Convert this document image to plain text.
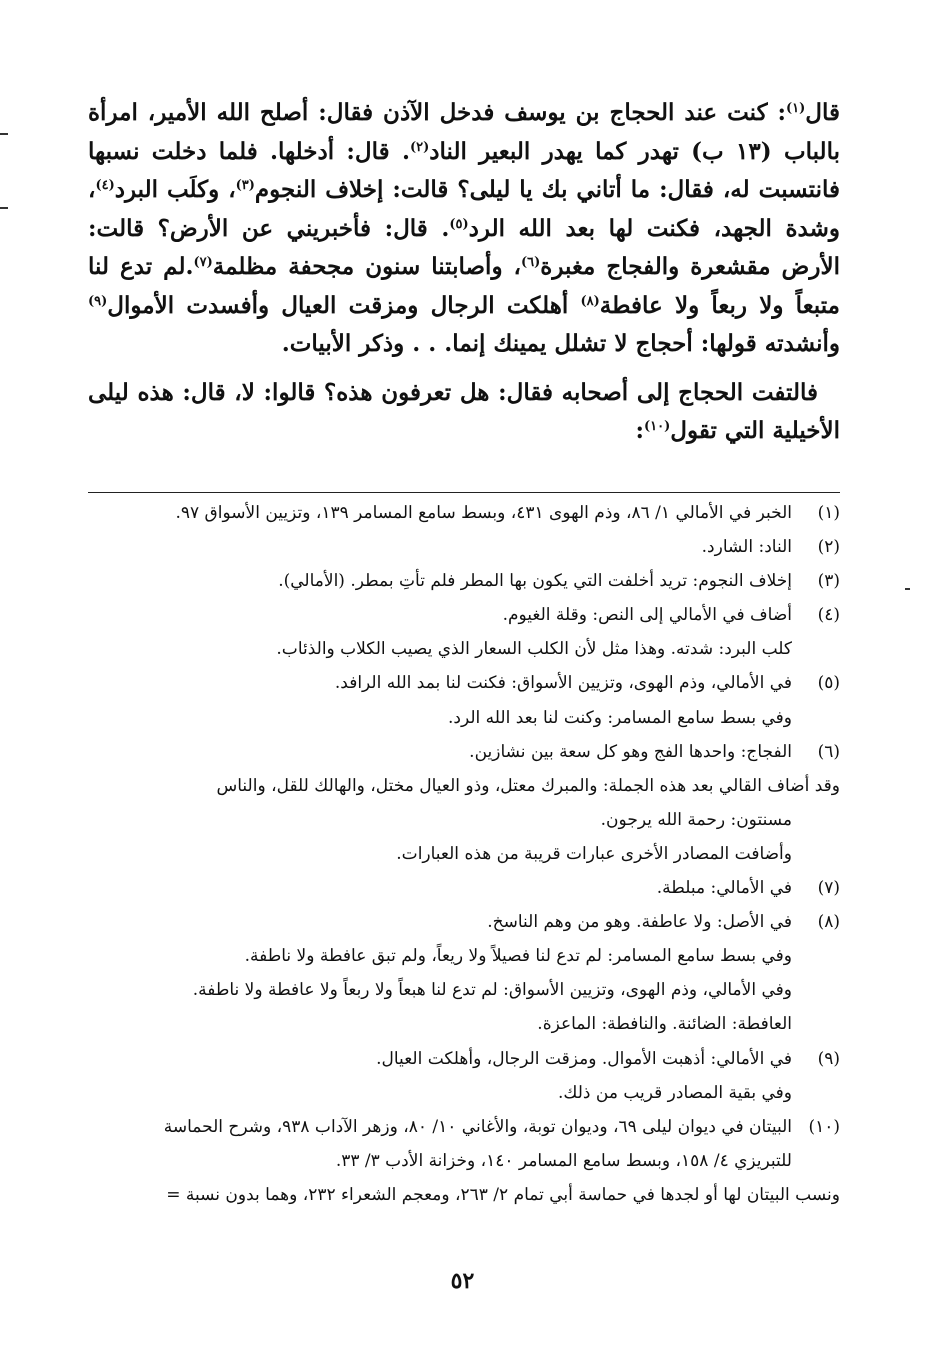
قال$^{(١)}$: كنت عند الحجاج بن يوسف فدخل الآذن فقال: أصلح الله الأمير، امرأة بالباب (١٣ ب) تهدر كما يهدر البعير الناد$^{(٢)}$. قال: أدخلها. فلما دخلت نسبها فانتسبت له، فقال: ما أتاني بك يا ليلى؟ قالت: إخلاف النجوم$^{(٣)}$، وكلَب البرد$^{(٤)}$، وشدة الجهد، فكنت لها بعد الله الرد$^{(٥)}$. قال: فأخبريني عن الأرض؟ قالت: الأرض مقشعرة والفجاج مغبرة$^{(٦)}$، وأصابتنا سنون مجحفة مظلمة$^{(٧)}$.لم تدع لنا متبعاً ولا ربعاً ولا عافطة$^{(٨)}$ أهلكت الرجال ومزقت العيال وأفسدت الأموال$^{(٩)}$ وأنشدته قولها: أحجاج لا تشلل يمينك إنما. . . وذكر الأبيات.

فالتفت الحجاج إلى أصحابه فقال: هل تعرفون هذه؟ قالوا: لا، قال: هذه ليلى الأخيلية التي تقول$^{(١٠)}$:

(١)
الخبر في الأمالي ١/ ٨٦، وذم الهوى ٤٣١، وبسط سامع المسامر ١٣٩، وتزيين الأسواق ٩٧.
(٢)
الناد: الشارد.
(٣)
إخلاف النجوم: تريد أخلفت التي يكون بها المطر فلم تأتِ بمطر. (الأمالي).
(٤)
أضاف في الأمالي إلى النص: وقلة الغيوم.
كلب البرد: شدته. وهذا مثل لأن الكلب السعار الذي يصيب الكلاب والذئاب.
(٥)
في الأمالي، وذم الهوى، وتزيين الأسواق: فكنت لنا بمد الله الرافد.
وفي بسط سامع المسامر: وكنت لنا بعد الله الرد.
(٦)
الفجاج: واحدها الفج وهو كل سعة بين نشازين.
وقد أضاف القالي بعد هذه الجملة: والمبرك معتل، وذو العيال مختل، والهالك للقل، والناس
مسنتون: رحمة الله يرجون.
وأضافت المصادر الأخرى عبارات قريبة من هذه العبارات.
(٧)
في الأمالي: مبلطة.
(٨)
في الأصل: ولا عاطفة. وهو من وهم الناسخ.
وفي بسط سامع المسامر: لم تدع لنا فصيلاً ولا ريعاً، ولم تبق عافطة ولا ناطفة.
وفي الأمالي، وذم الهوى، وتزيين الأسواق: لم تدع لنا هبعاً ولا ربعاً ولا عافطة ولا ناطفة.
العافطة: الضائنة. والنافطة: الماعزة.
(٩)
في الأمالي: أذهبت الأموال. ومزقت الرجال، وأهلكت العيال.
وفي بقية المصادر قريب من ذلك.
(١٠)
البيتان في ديوان ليلى ٦٩، وديوان توبة، والأغاني ١٠/ ٨٠، وزهر الآداب ٩٣٨، وشرح الحماسة
للتبريزي ٤/ ١٥٨، وبسط سامع المسامر ١٤٠، وخزانة الأدب ٣/ ٣٣.
ونسب البيتان لها أو لجدها في حماسة أبي تمام ٢/ ٢٦٣، ومعجم الشعراء ٢٣٢، وهما بدون نسبة =
٥٢
